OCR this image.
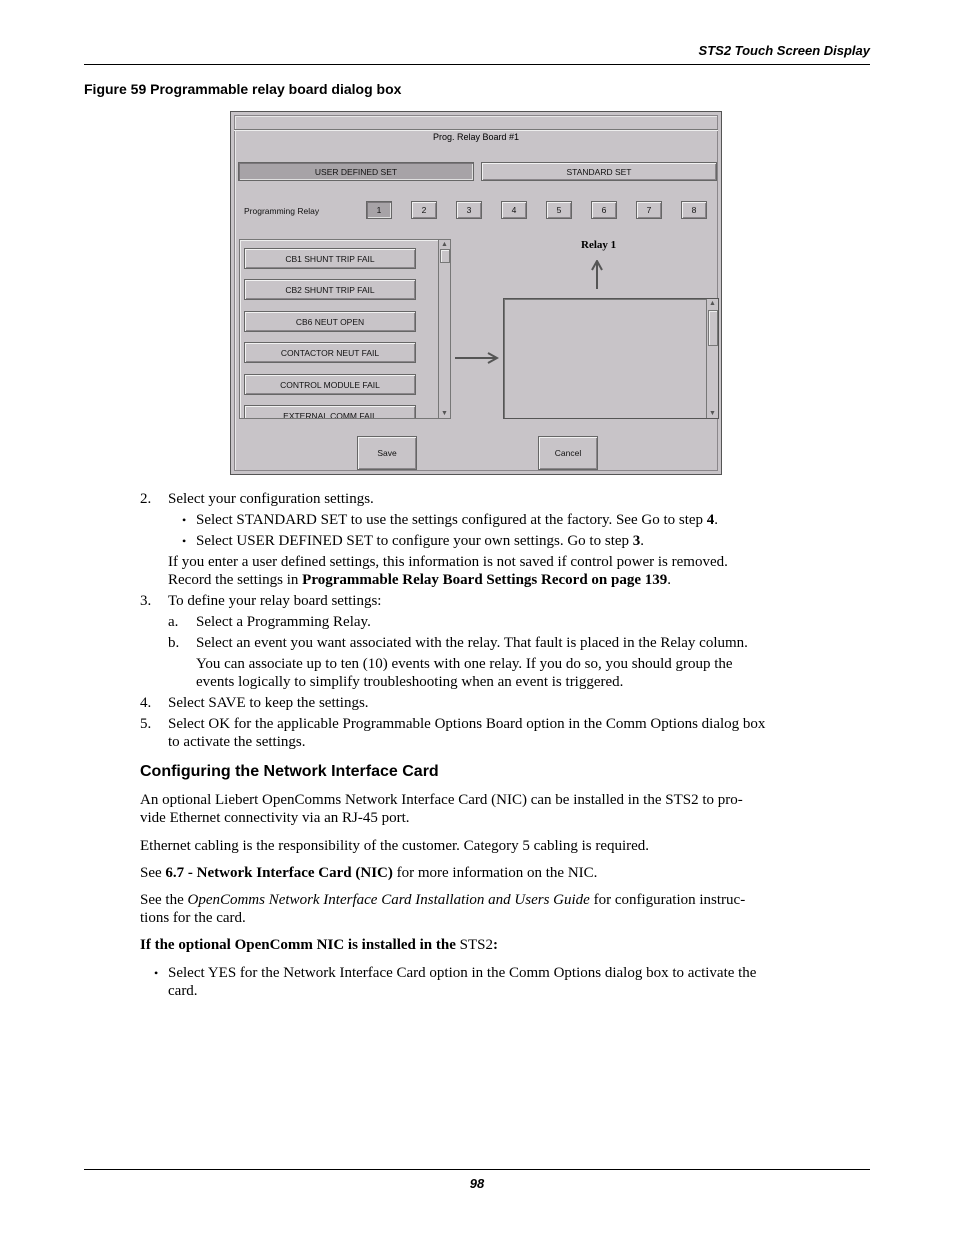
STS2 Touch Screen Display
Figure 59 Programmable relay board dialog box
Prog. Relay Board #1
USER DEFINED SET	STANDARD SET
Programming Relay	1	2	3	4	5	6	7	8
CB1 SHUNT TRIP FAIL
CB2 SHUNT TRIP FAIL
CB6 NEUT OPEN
CONTACTOR NEUT FAIL
CONTROL MODULE FAIL
EXTERNAL COMM FAIL
▲
▼
Relay 1
▲
▼
Save	Cancel
2. Select your configuration settings.
• Select STANDARD SET to use the settings configured at the factory. See Go to step 4.
• Select USER DEFINED SET to configure your own settings. Go to step 3.
If you enter a user defined settings, this information is not saved if control power is removed.
Record the settings in Programmable Relay Board Settings Record on page 139.
3. To define your relay board settings:
a. Select a Programming Relay.
b. Select an event you want associated with the relay. That fault is placed in the Relay column.
You can associate up to ten (10) events with one relay. If you do so, you should group the
events logically to simplify troubleshooting when an event is triggered.
4. Select SAVE to keep the settings.
5. Select OK for the applicable Programmable Options Board option in the Comm Options dialog box
to activate the settings.
Configuring the Network Interface Card
An optional Liebert OpenComms Network Interface Card (NIC) can be installed in the STS2 to pro-
vide Ethernet connectivity via an RJ-45 port.
Ethernet cabling is the responsibility of the customer. Category 5 cabling is required.
See 6.7 - Network Interface Card (NIC) for more information on the NIC.
See the OpenComms Network Interface Card Installation and Users Guide for configuration instruc-
tions for the card.
If the optional OpenComm NIC is installed in the STS2:
• Select YES for the Network Interface Card option in the Comm Options dialog box to activate the
card.
98
